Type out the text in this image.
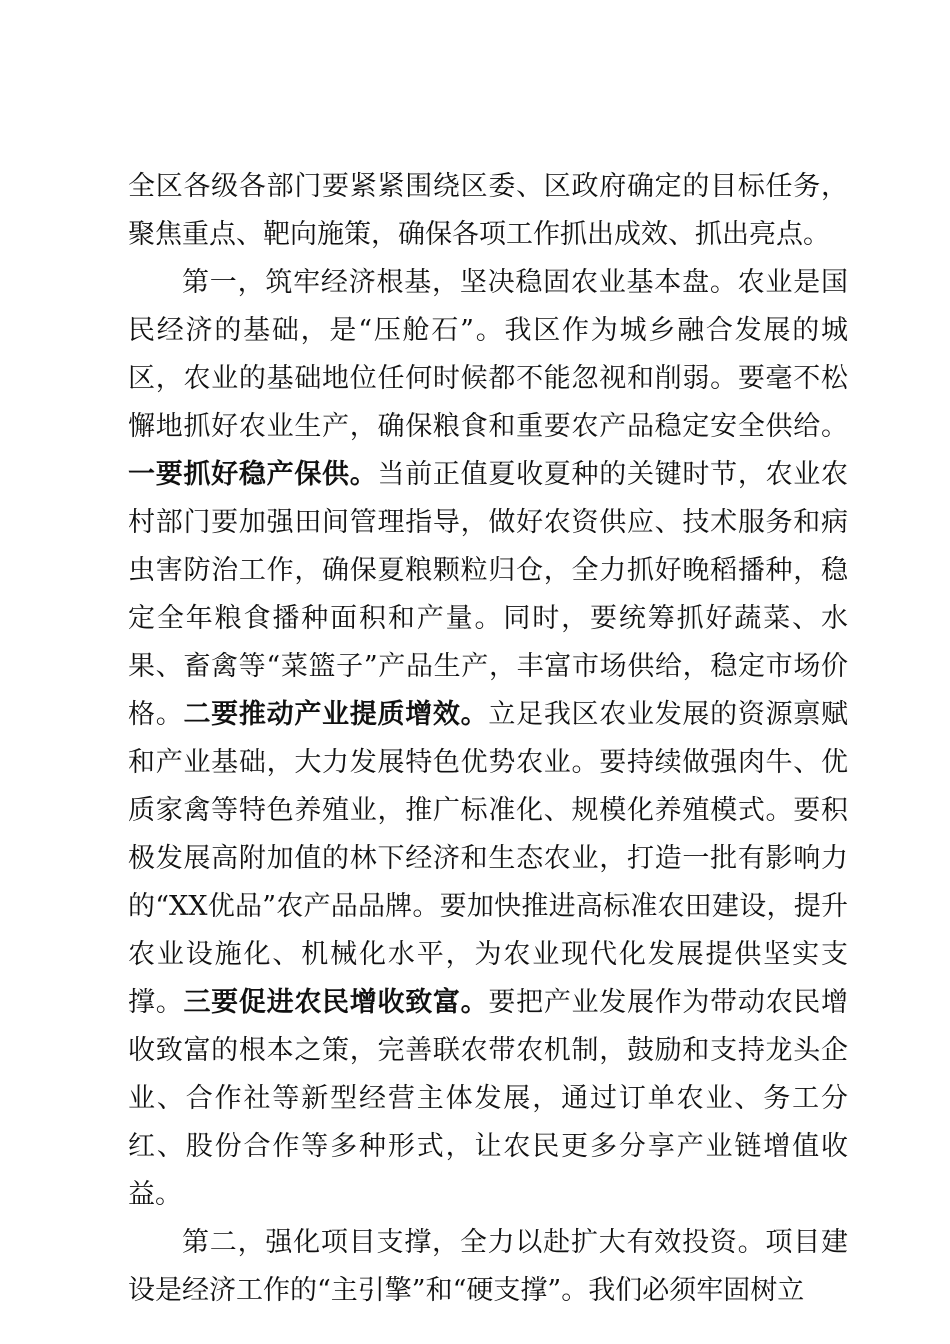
全区各级各部门要紧紧围绕区委、区政府确定的目标任务，聚焦重点、靶向施策，确保各项工作抓出成效、抓出亮点。

第一，筑牢经济根基，坚决稳固农业基本盘。农业是国民经济的基础，是“压舱石”。我区作为城乡融合发展的城区，农业的基础地位任何时候都不能忽视和削弱。要毫不松懈地抓好农业生产，确保粮食和重要农产品稳定安全供给。一要抓好稳产保供。当前正值夏收夏种的关键时节，农业农村部门要加强田间管理指导，做好农资供应、技术服务和病虫害防治工作，确保夏粮颗粒归仓，全力抓好晚稻播种，稳定全年粮食播种面积和产量。同时，要统筹抓好蔬菜、水果、畜禽等“菜篮子”产品生产，丰富市场供给，稳定市场价格。二要推动产业提质增效。立足我区农业发展的资源禀赋和产业基础，大力发展特色优势农业。要持续做强肉牛、优质家禽等特色养殖业，推广标准化、规模化养殖模式。要积极发展高附加值的林下经济和生态农业，打造一批有影响力的“XX优品”农产品品牌。要加快推进高标准农田建设，提升农业设施化、机械化水平，为农业现代化发展提供坚实支撑。三要促进农民增收致富。要把产业发展作为带动农民增收致富的根本之策，完善联农带农机制，鼓励和支持龙头企业、合作社等新型经营主体发展，通过订单农业、务工分红、股份合作等多种形式，让农民更多分享产业链增值收益。

第二，强化项目支撑，全力以赴扩大有效投资。项目建设是经济工作的“主引擎”和“硬支撑”。我们必须牢固树立
